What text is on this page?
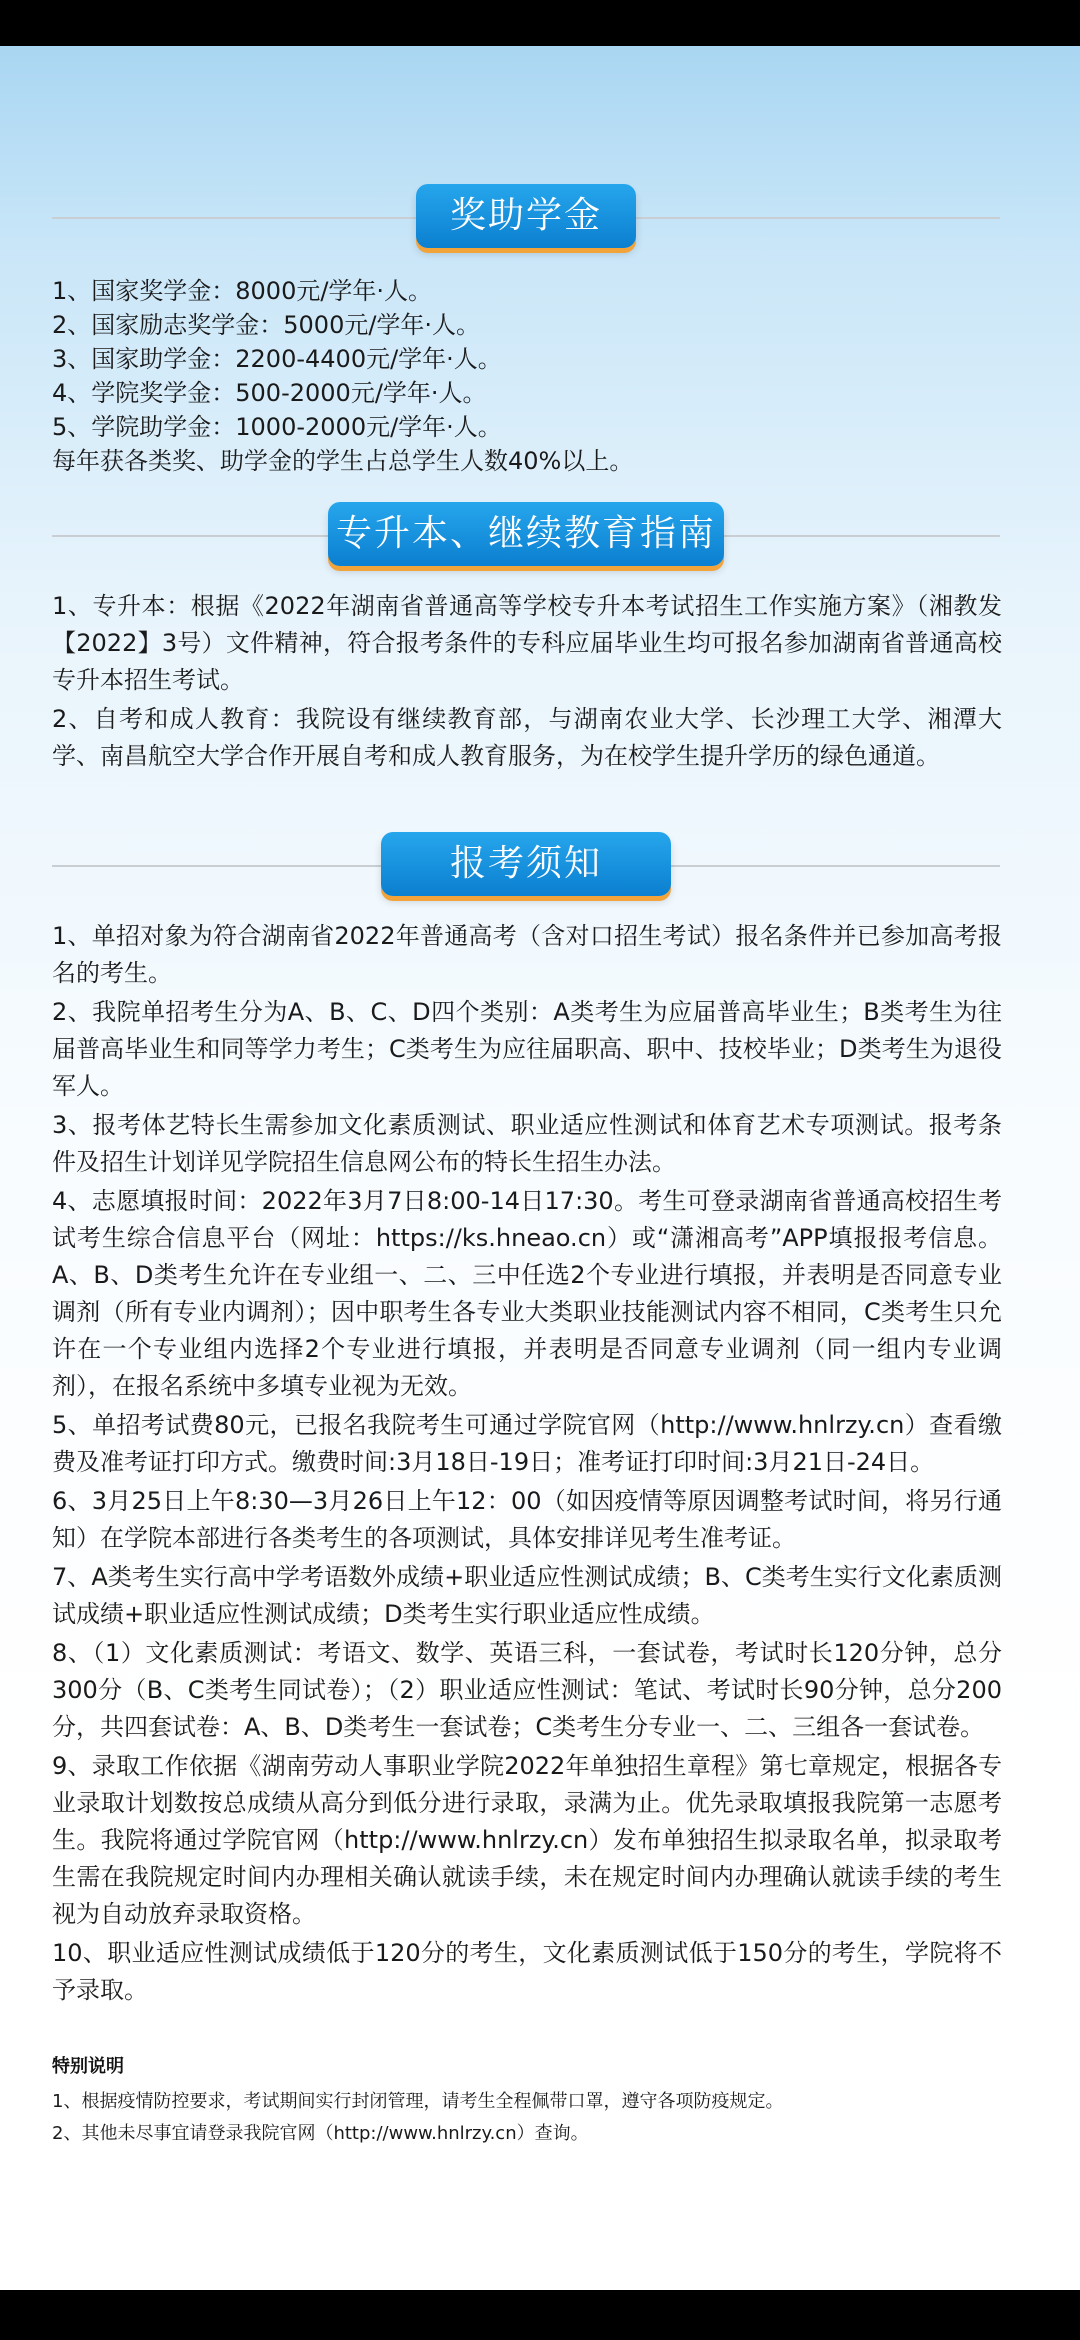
奖助学金
1、国家奖学金：8000元/学年·人。
2、国家励志奖学金：5000元/学年·人。
3、国家助学金：2200-4400元/学年·人。
4、学院奖学金：500-2000元/学年·人。
5、学院助学金：1000-2000元/学年·人。
每年获各类奖、助学金的学生占总学生人数40%以上。
专升本、继续教育指南

1、专升本：根据《2022年湖南省普通高等学校专升本考试招生工作实施方案》（湘教发【2022】3号）文件精神，符合报考条件的专科应届毕业生均可报名参加湖南省普通高校专升本招生考试。

2、自考和成人教育：我院设有继续教育部，与湖南农业大学、长沙理工大学、湘潭大学、南昌航空大学合作开展自考和成人教育服务，为在校学生提升学历的绿色通道。

报考须知

1、单招对象为符合湖南省2022年普通高考（含对口招生考试）报名条件并已参加高考报名的考生。

2、我院单招考生分为A、B、C、D四个类别：A类考生为应届普高毕业生；B类考生为往届普高毕业生和同等学力考生；C类考生为应往届职高、职中、技校毕业；D类考生为退役军人。

3、报考体艺特长生需参加文化素质测试、职业适应性测试和体育艺术专项测试。报考条件及招生计划详见学院招生信息网公布的特长生招生办法。

4、志愿填报时间：2022年3月7日8:00-14日17:30。考生可登录湖南省普通高校招生考试考生综合信息平台（网址：https://ks.hneao.cn）或“潇湘高考”APP填报报考信息。A、B、D类考生允许在专业组一、二、三中任选2个专业进行填报，并表明是否同意专业调剂（所有专业内调剂）；因中职考生各专业大类职业技能测试内容不相同，C类考生只允许在一个专业组内选择2个专业进行填报，并表明是否同意专业调剂（同一组内专业调剂），在报名系统中多填专业视为无效。

5、单招考试费80元，已报名我院考生可通过学院官网（http://www.hnlrzy.cn）查看缴费及准考证打印方式。缴费时间:3月18日-19日；准考证打印时间:3月21日-24日。

6、3月25日上午8:30—3月26日上午12：00（如因疫情等原因调整考试时间，将另行通知）在学院本部进行各类考生的各项测试，具体安排详见考生准考证。

7、A类考生实行高中学考语数外成绩+职业适应性测试成绩；B、C类考生实行文化素质测试成绩+职业适应性测试成绩；D类考生实行职业适应性成绩。

8、（1）文化素质测试：考语文、数学、英语三科，一套试卷，考试时长120分钟，总分300分（B、C类考生同试卷）；（2）职业适应性测试：笔试、考试时长90分钟，总分200分，共四套试卷：A、B、D类考生一套试卷；C类考生分专业一、二、三组各一套试卷。

9、录取工作依据《湖南劳动人事职业学院2022年单独招生章程》第七章规定，根据各专业录取计划数按总成绩从高分到低分进行录取，录满为止。优先录取填报我院第一志愿考生。我院将通过学院官网（http://www.hnlrzy.cn）发布单独招生拟录取名单，拟录取考生需在我院规定时间内办理相关确认就读手续，未在规定时间内办理确认就读手续的考生视为自动放弃录取资格。

10、职业适应性测试成绩低于120分的考生，文化素质测试低于150分的考生，学院将不予录取。

特别说明
1、根据疫情防控要求，考试期间实行封闭管理，请考生全程佩带口罩，遵守各项防疫规定。
2、其他未尽事宜请登录我院官网（http://www.hnlrzy.cn）查询。
